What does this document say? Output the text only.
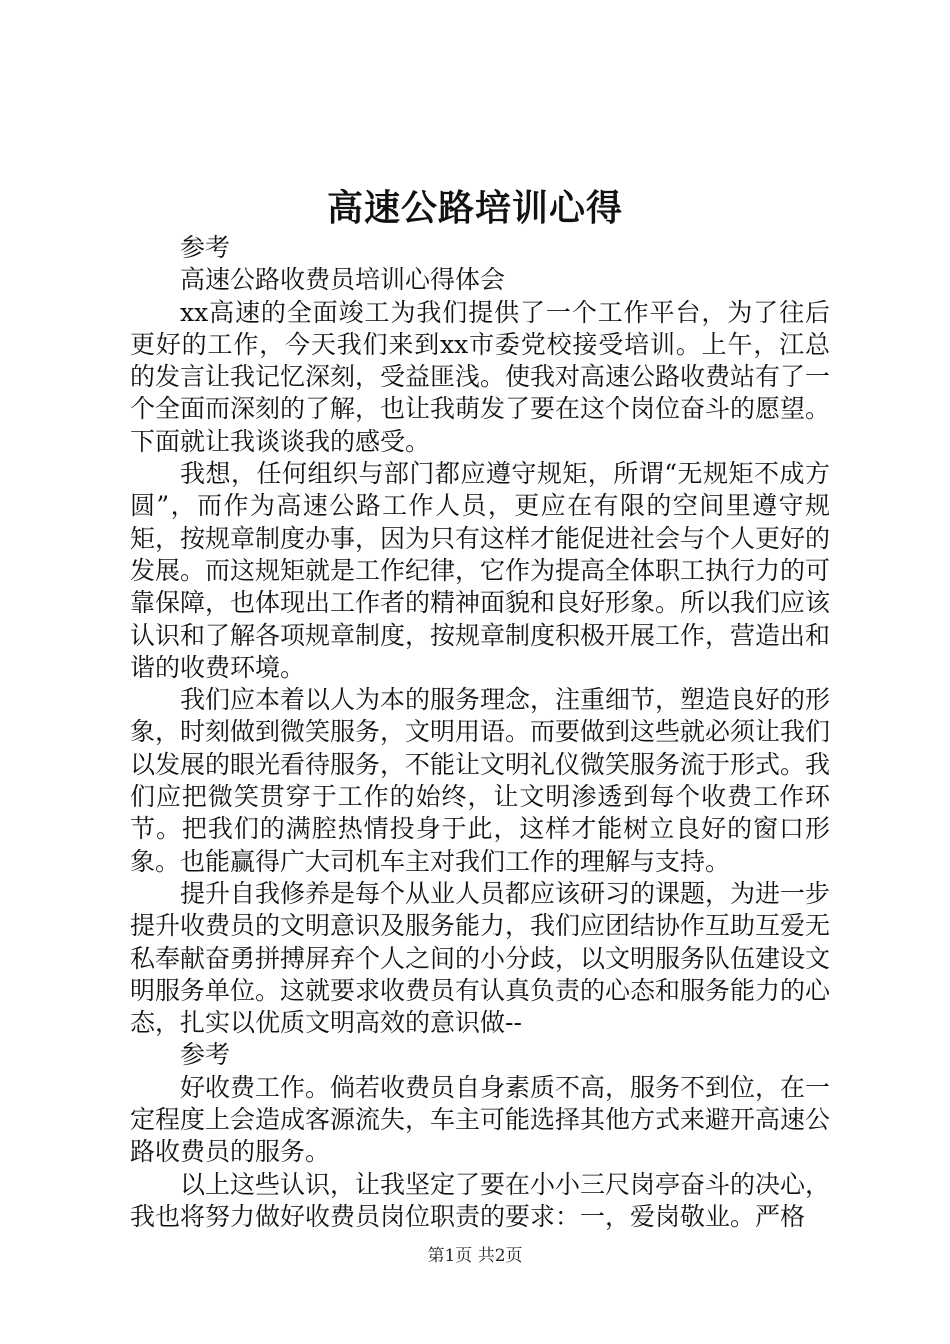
高速公路培训心得

参考

高速公路收费员培训心得体会

xx高速的全面竣工为我们提供了一个工作平台，为了往后更好的工作，今天我们来到xx市委党校接受培训。上午，江总的发言让我记忆深刻，受益匪浅。使我对高速公路收费站有了一个全面而深刻的了解，也让我萌发了要在这个岗位奋斗的愿望。下面就让我谈谈我的感受。

我想，任何组织与部门都应遵守规矩，所谓“无规矩不成方圆”，而作为高速公路工作人员，更应在有限的空间里遵守规矩，按规章制度办事，因为只有这样才能促进社会与个人更好的发展。而这规矩就是工作纪律，它作为提高全体职工执行力的可靠保障，也体现出工作者的精神面貌和良好形象。所以我们应该认识和了解各项规章制度，按规章制度积极开展工作，营造出和谐的收费环境。

我们应本着以人为本的服务理念，注重细节，塑造良好的形象，时刻做到微笑服务，文明用语。而要做到这些就必须让我们以发展的眼光看待服务，不能让文明礼仪微笑服务流于形式。我们应把微笑贯穿于工作的始终，让文明渗透到每个收费工作环节。把我们的满腔热情投身于此，这样才能树立良好的窗口形象。也能赢得广大司机车主对我们工作的理解与支持。

提升自我修养是每个从业人员都应该研习的课题，为进一步提升收费员的文明意识及服务能力，我们应团结协作互助互爱无私奉献奋勇拼搏屏弃个人之间的小分歧，以文明服务队伍建设文明服务单位。这就要求收费员有认真负责的心态和服务能力的心态，扎实以优质文明高效的意识做--

参考

好收费工作。倘若收费员自身素质不高，服务不到位，在一定程度上会造成客源流失，车主可能选择其他方式来避开高速公路收费员的服务。

以上这些认识，让我坚定了要在小小三尺岗亭奋斗的决心，我也将努力做好收费员岗位职责的要求：一，爱岗敬业。严格

第1页 共2页
